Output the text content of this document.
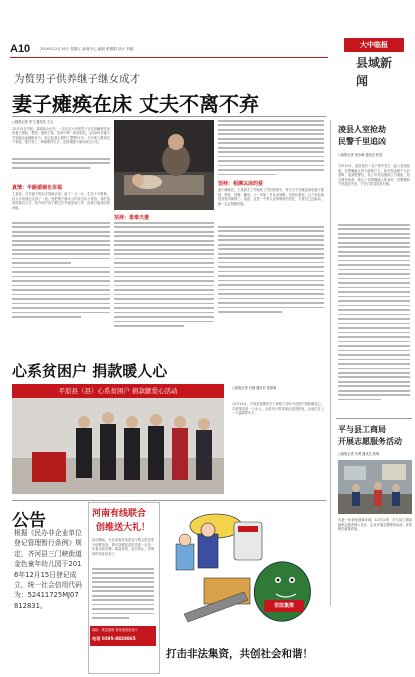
A10	2016年12月16日 星期五 新闻中心 编辑 张敬娟 设计 刘娜	大中临报
县域新闻
为赘男子供养继子继女成才
妻子瘫痪在床 丈夫不离不弃
□临报记者 李飞 通讯员 王玉
12月15日早晨，县城某小区内，一名年近六旬的男子正在给瘫痪在床的妻子擦脸、喂饭，他叫王某，是家中唯一的顶梁柱。从2005年妻子突发脑出血瘫痪至今，他已经悉心照料了整整11年。当年他入赘到这个家庭，靠打零工、种地维持生计，还供养继子继女读完大学。
真情：半路婚姻也幸福
王某说，当年妻子的前夫因病去世，留下一儿一女，生活十分艰难。经人介绍他们走到了一起。他把继子继女当作亲生孩子看待，省吃俭用供他们上学，如今两个孩子都已在外地参加工作，经常打电话回家问候。
坚持：患难夫妻
坚持：相濡以沫的爱
妻子瘫痪后，王某辞去了外地的工作回到家中，每天天不亮就起床给妻子做饭、擦身、按摩、翻身，十一年如一日从未间断。邻居们都说，这个家如果没有他早就散了。他说，这是一个男人应该承担的责任，只要自己还能动，就一定会照顾好她。
凌县人室抢劫
民警千里追凶
□临报记者 刘永峰 通讯员 张清
今年10月，凌县某村一农户家中发生一起入室抢劫案，犯罪嫌疑人持刀威胁户主，抢走现金数千元后逃窜。接到报警后，县公安局迅速成立专案组，经过缜密侦查，锁定了犯罪嫌疑人的身份，民警辗转千里赶赴外省，于近日将其抓获归案。
平与县工商局
开展志愿服务活动
□临报记者 苏勇 通讯员 张明
为进一步优化营商环境，12月以来，平与县工商局组织志愿者深入社区、企业开展志愿服务活动，宣传相关政策法规。
心系贫困户 捐款暖人心
平原县（县）心系贫困户 捐款献爱心活动	□临报记者 付静 通讯员 张振明
12月14日，平原县某镇机关干部职工纷纷为贫困户捐款献爱心，共募集善款一万余元，全部用于帮扶辖区贫困家庭，让他们过上一个温暖的冬天。
公告
根据《民办非企业单位登记管理暂行条例》规定，齐河县三门峡街道金色童年幼儿园于2016年12月15日登记成立，统一社会信用代码为：52411725MJ07812831。
河南有线联合
创维送大礼！
活动期间，凡在河南有线营业厅购买指定型号创维电视，即可获赠高清机顶盒一台及一年基本收视费。数量有限，送完即止。详情请咨询各营业厅。
地址：某县某街 有线电视营业厅
电话 0395-8828865
非法集资
打击非法集资，共创社会和谐！
